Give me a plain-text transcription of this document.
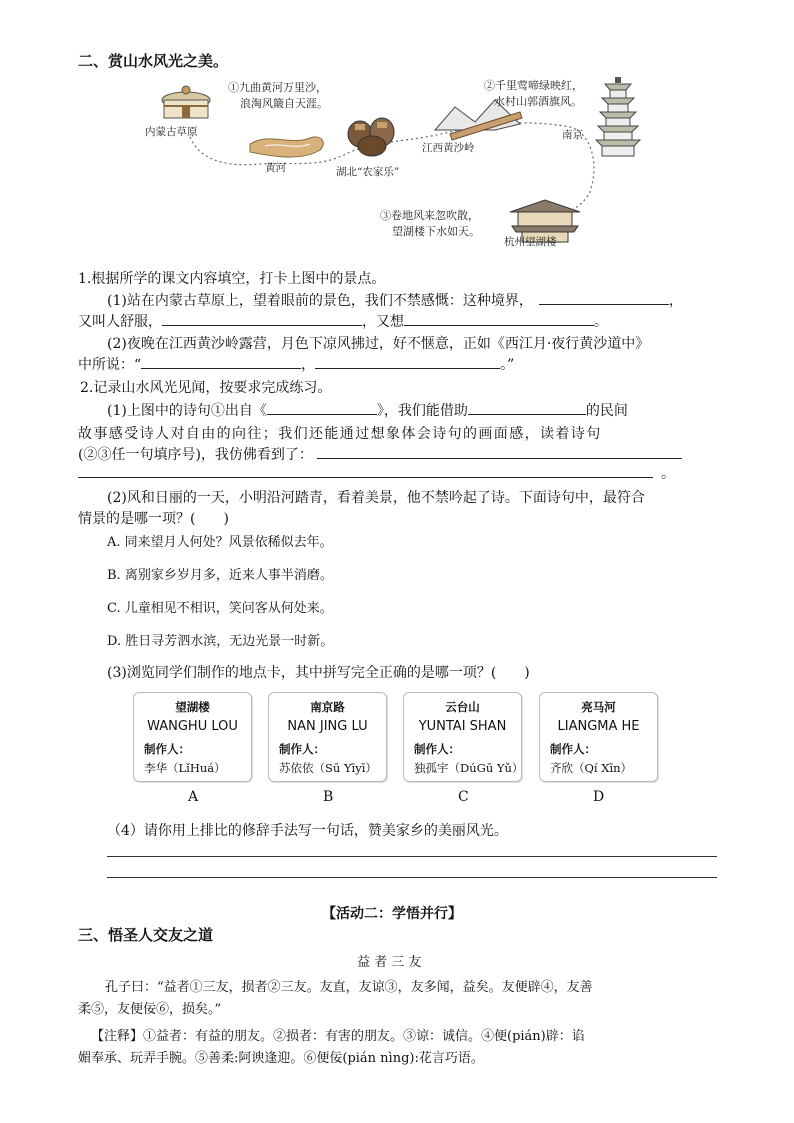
二、赏山水风光之美。
内蒙古草原
黄河	湖北“农家乐”
江西黄沙岭
南京
杭州望湖楼
①九曲黄河万里沙，
浪淘风簸自天涯。
②千里莺啼绿映红，
水村山郭酒旗风。
③卷地风来忽吹散，
望湖楼下水如天。
1.根据所学的课文内容填空，打卡上图中的景点。
(1)站在内蒙古草原上，望着眼前的景色，我们不禁感慨：这种境界，	，
又叫人舒服，	，又想	。
(2)夜晚在江西黄沙岭露营，月色下凉风拂过，好不惬意，正如《西江月·夜行黄沙道中》
中所说：“	，	。”
2.记录山水风光见闻，按要求完成练习。
(1)上图中的诗句①出自《	》，我们能借助	的民间
故事感受诗人对自由的向往；我们还能通过想象体会诗句的画面感，读着诗句
(②③任一句填序号)，我仿佛看到了：
。
(2)风和日丽的一天，小明沿河踏青，看着美景，他不禁吟起了诗。下面诗句中，最符合
情景的是哪一项？(　　)
A. 同来望月人何处？风景依稀似去年。
B. 离别家乡岁月多，近来人事半消磨。
C. 儿童相见不相识，笑问客从何处来。
D. 胜日寻芳泗水滨，无边光景一时新。
(3)浏览同学们制作的地点卡，其中拼写完全正确的是哪一项？(　　)
望湖楼
WANGHU LOU
制作人：
李华（LǐHuá）
A
南京路
NAN JING LU
制作人：
苏依依（Sū Yīyī）
B
云台山
YUNTAI SHAN
制作人：
独孤宇（DúGū Yǔ）
C
亮马河
LIANGMA HE
制作人：
齐欣（Qí Xīn）
D
（4）请你用上排比的修辞手法写一句话，赞美家乡的美丽风光。
【活动二：学悟并行】
三、悟圣人交友之道
益 者 三 友
孔子曰：“益者①三友，损者②三友。友直，友谅③，友多闻，益矣。友便辟④，友善
柔⑤，友便佞⑥，损矣。”
【注释】①益者：有益的朋友。②损者：有害的朋友。③谅：诚信。④便(pián)辟：谄
媚奉承、玩弄手腕。⑤善柔:阿谀逢迎。⑥便佞(pián nìng):花言巧语。
